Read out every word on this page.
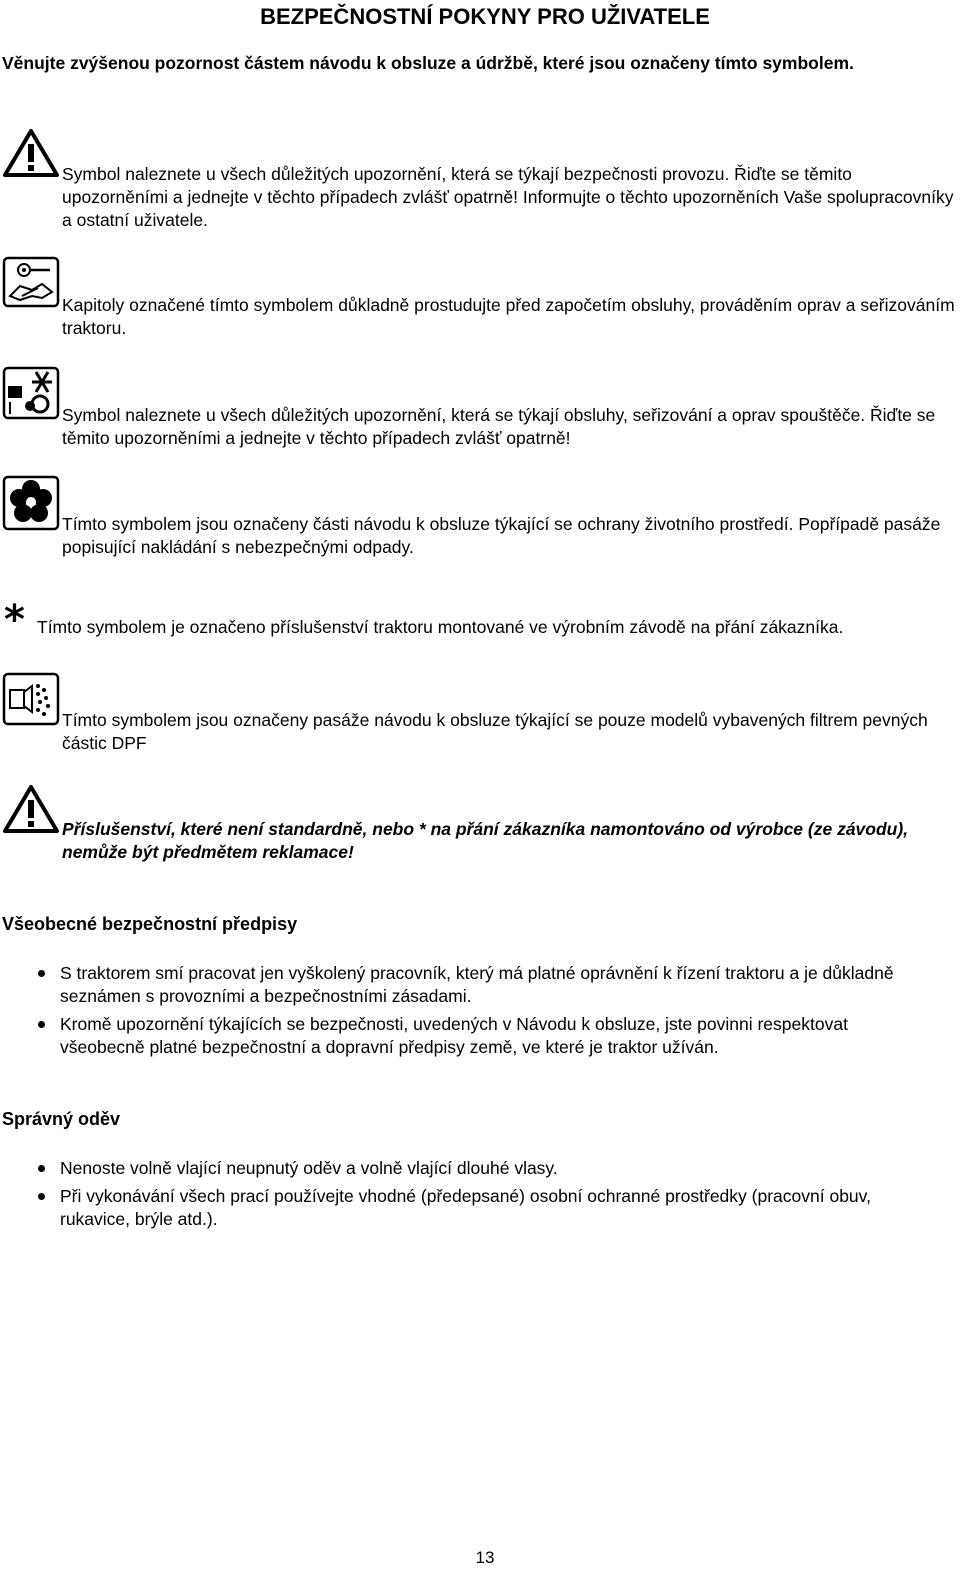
BEZPEČNOSTNÍ POKYNY PRO UŽIVATELE
Věnujte zvýšenou pozornost částem návodu k obsluze a údržbě, které jsou označeny tímto symbolem.
Symbol naleznete u všech důležitých upozornění, která se týkají bezpečnosti provozu. Řiďte se těmito upozorněními a jednejte v těchto případech zvlášť opatrně! Informujte o těchto upozorněních Vaše spolupracovníky a ostatní uživatele.
Kapitoly označené tímto symbolem důkladně prostudujte před započetím obsluhy, prováděním oprav a seřizováním traktoru.
Symbol naleznete u všech důležitých upozornění, která se týkají obsluhy, seřizování a oprav spouštěče. Řiďte se těmito upozorněními a jednejte v těchto případech zvlášť opatrně!
Tímto symbolem jsou označeny části návodu k obsluze týkající se ochrany životního prostředí. Popřípadě pasáže popisující nakládání s nebezpečnými odpady.
* Tímto symbolem je označeno příslušenství traktoru montované ve výrobním závodě na přání zákazníka.
Tímto symbolem jsou označeny pasáže návodu k obsluze týkající se pouze modelů vybavených filtrem pevných částic DPF
Příslušenství, které není standardně, nebo * na přání zákazníka namontováno od výrobce (ze závodu), nemůže být předmětem reklamace!
Všeobecné bezpečnostní předpisy
S traktorem smí pracovat jen vyškolený pracovník, který má platné oprávnění k řízení traktoru a je důkladně seznámen s provozními a bezpečnostními zásadami.
Kromě upozornění týkajících se bezpečnosti, uvedených v Návodu k obsluze, jste povinni respektovat všeobecně platné bezpečnostní a dopravní předpisy země, ve které je traktor užíván.
Správný oděv
Nenoste volně vlající neupnutý oděv a volně vlající dlouhé vlasy.
Při vykonávání všech prací používejte vhodné (předepsané) osobní ochranné prostředky (pracovní obuv, rukavice, brýle atd.).
13
